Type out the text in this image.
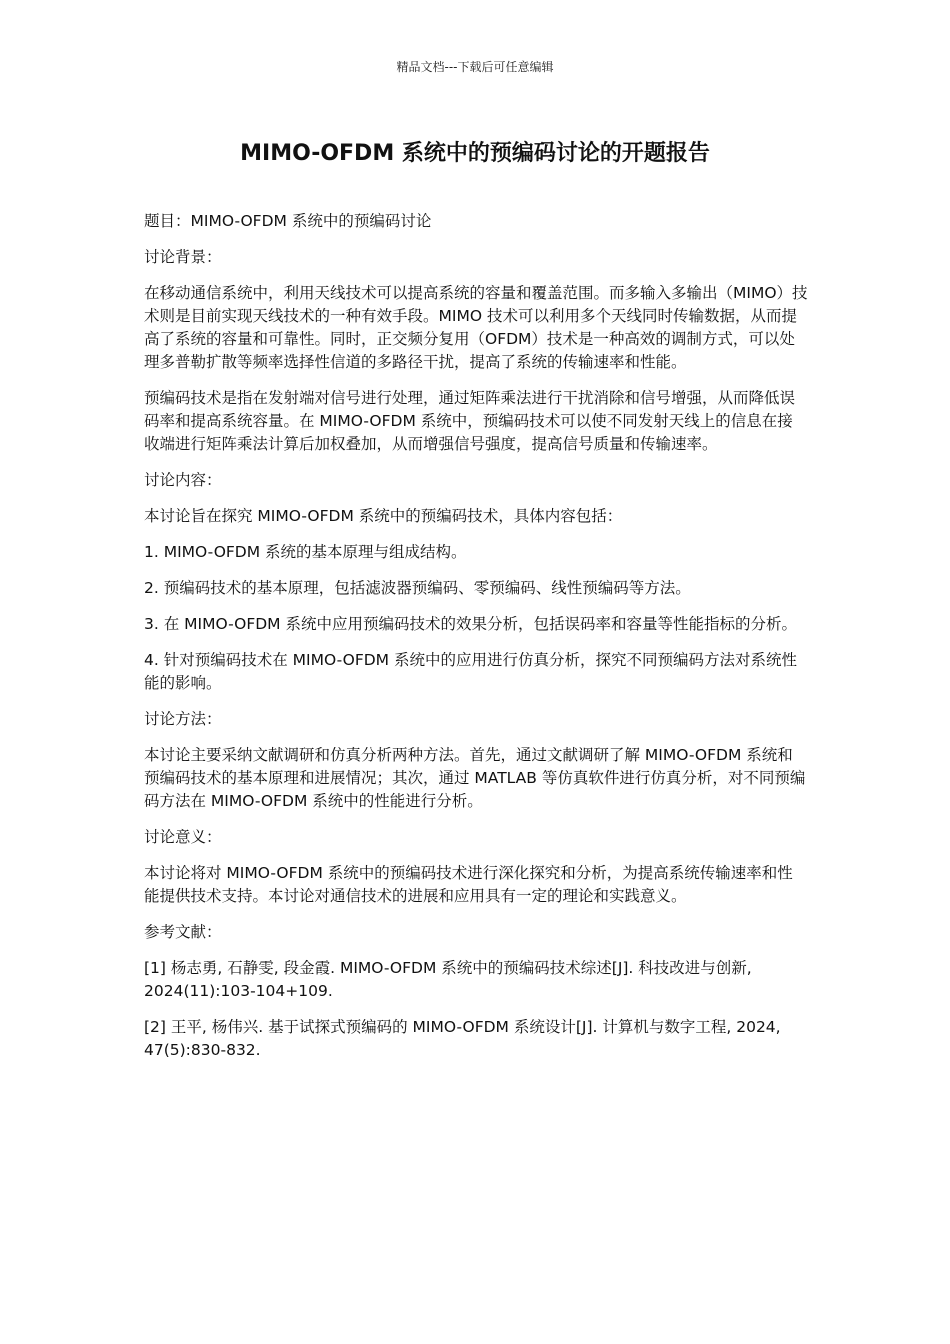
精品文档---下载后可任意编辑
MIMO-OFDM 系统中的预编码讨论的开题报告

题目：MIMO-OFDM 系统中的预编码讨论

讨论背景：

在移动通信系统中，利用天线技术可以提高系统的容量和覆盖范围。而多输入多输出（MIMO）技术则是目前实现天线技术的一种有效手段。MIMO 技术可以利用多个天线同时传输数据，从而提高了系统的容量和可靠性。同时，正交频分复用（OFDM）技术是一种高效的调制方式，可以处理多普勒扩散等频率选择性信道的多路径干扰，提高了系统的传输速率和性能。

预编码技术是指在发射端对信号进行处理，通过矩阵乘法进行干扰消除和信号增强，从而降低误码率和提高系统容量。在 MIMO-OFDM 系统中，预编码技术可以使不同发射天线上的信息在接收端进行矩阵乘法计算后加权叠加，从而增强信号强度，提高信号质量和传输速率。

讨论内容：

本讨论旨在探究 MIMO-OFDM 系统中的预编码技术，具体内容包括：

1. MIMO-OFDM 系统的基本原理与组成结构。

2. 预编码技术的基本原理，包括滤波器预编码、零预编码、线性预编码等方法。

3. 在 MIMO-OFDM 系统中应用预编码技术的效果分析，包括误码率和容量等性能指标的分析。

4. 针对预编码技术在 MIMO-OFDM 系统中的应用进行仿真分析，探究不同预编码方法对系统性能的影响。

讨论方法：

本讨论主要采纳文献调研和仿真分析两种方法。首先，通过文献调研了解 MIMO-OFDM 系统和预编码技术的基本原理和进展情况；其次，通过 MATLAB 等仿真软件进行仿真分析，对不同预编码方法在 MIMO-OFDM 系统中的性能进行分析。

讨论意义：

本讨论将对 MIMO-OFDM 系统中的预编码技术进行深化探究和分析，为提高系统传输速率和性能提供技术支持。本讨论对通信技术的进展和应用具有一定的理论和实践意义。

参考文献：

[1] 杨志勇, 石静雯, 段金霞. MIMO-OFDM 系统中的预编码技术综述[J]. 科技改进与创新, 2024(11):103-104+109.

[2] 王平, 杨伟兴. 基于试探式预编码的 MIMO-OFDM 系统设计[J]. 计算机与数字工程, 2024, 47(5):830-832.
